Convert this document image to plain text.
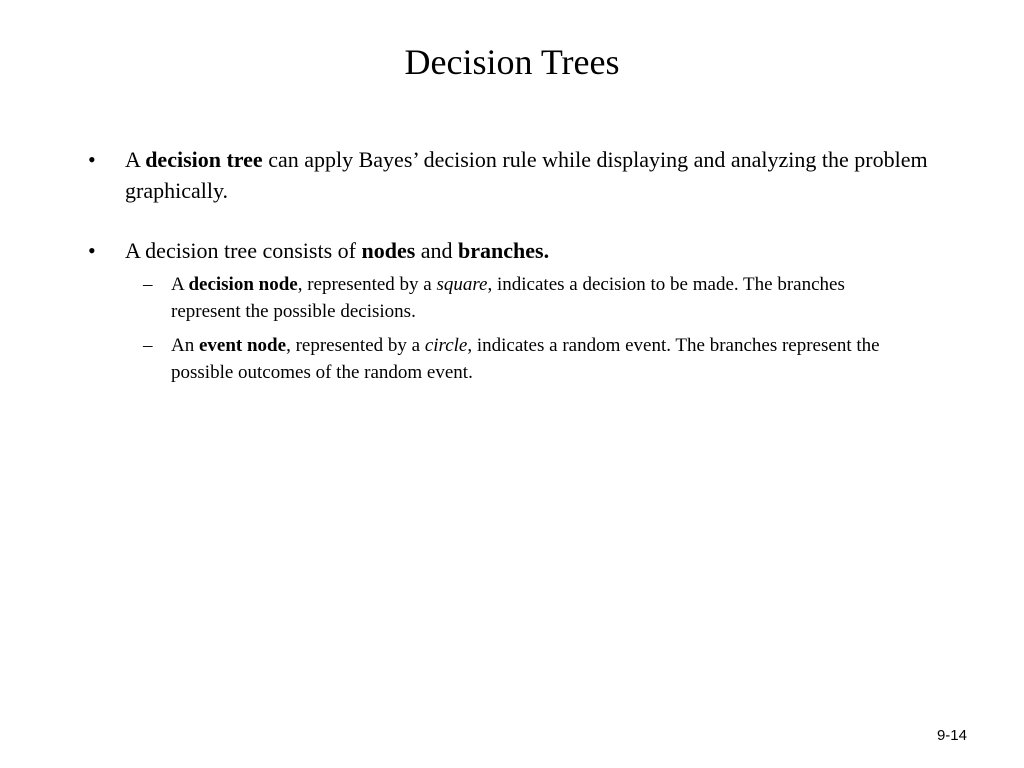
Decision Trees
• A decision tree can apply Bayes’ decision rule while displaying and analyzing the problem graphically.
• A decision tree consists of nodes and branches.
– A decision node, represented by a square, indicates a decision to be made. The branches represent the possible decisions.
– An event node, represented by a circle, indicates a random event. The branches represent the possible outcomes of the random event.
9-14
